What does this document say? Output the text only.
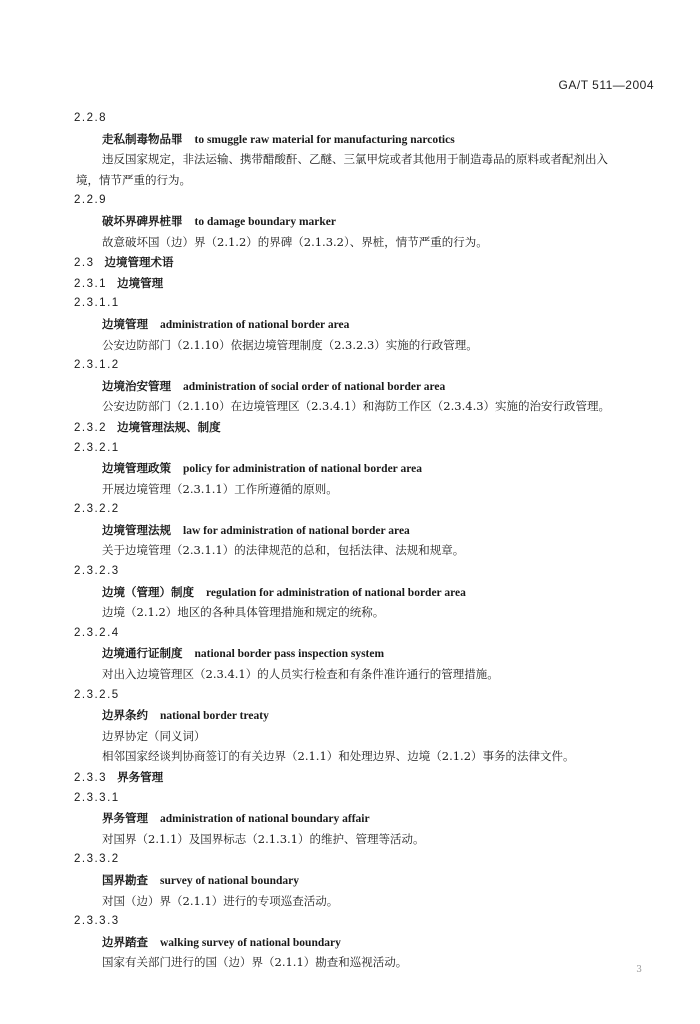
GA/T 511—2004
2.2.8
走私制毒物品罪 to smuggle raw material for manufacturing narcotics
违反国家规定，非法运输、携带醋酸酐、乙醚、三氯甲烷或者其他用于制造毒品的原料或者配剂出入
境，情节严重的行为。
2.2.9
破坏界碑界桩罪 to damage boundary marker
故意破坏国（边）界（2.1.2）的界碑（2.1.3.2）、界桩，情节严重的行为。
2.3 边境管理术语
2.3.1 边境管理
2.3.1.1
边境管理 administration of national border area
公安边防部门（2.1.10）依据边境管理制度（2.3.2.3）实施的行政管理。
2.3.1.2
边境治安管理 administration of social order of national border area
公安边防部门（2.1.10）在边境管理区（2.3.4.1）和海防工作区（2.3.4.3）实施的治安行政管理。
2.3.2 边境管理法规、制度
2.3.2.1
边境管理政策 policy for administration of national border area
开展边境管理（2.3.1.1）工作所遵循的原则。
2.3.2.2
边境管理法规 law for administration of national border area
关于边境管理（2.3.1.1）的法律规范的总和，包括法律、法规和规章。
2.3.2.3
边境（管理）制度 regulation for administration of national border area
边境（2.1.2）地区的各种具体管理措施和规定的统称。
2.3.2.4
边境通行证制度 national border pass inspection system
对出入边境管理区（2.3.4.1）的人员实行检查和有条件准许通行的管理措施。
2.3.2.5
边界条约 national border treaty
边界协定（同义词）
相邻国家经谈判协商签订的有关边界（2.1.1）和处理边界、边境（2.1.2）事务的法律文件。
2.3.3 界务管理
2.3.3.1
界务管理 administration of national boundary affair
对国界（2.1.1）及国界标志（2.1.3.1）的维护、管理等活动。
2.3.3.2
国界勘查 survey of national boundary
对国（边）界（2.1.1）进行的专项巡查活动。
2.3.3.3
边界踏查 walking survey of national boundary
国家有关部门进行的国（边）界（2.1.1）勘查和巡视活动。
3
